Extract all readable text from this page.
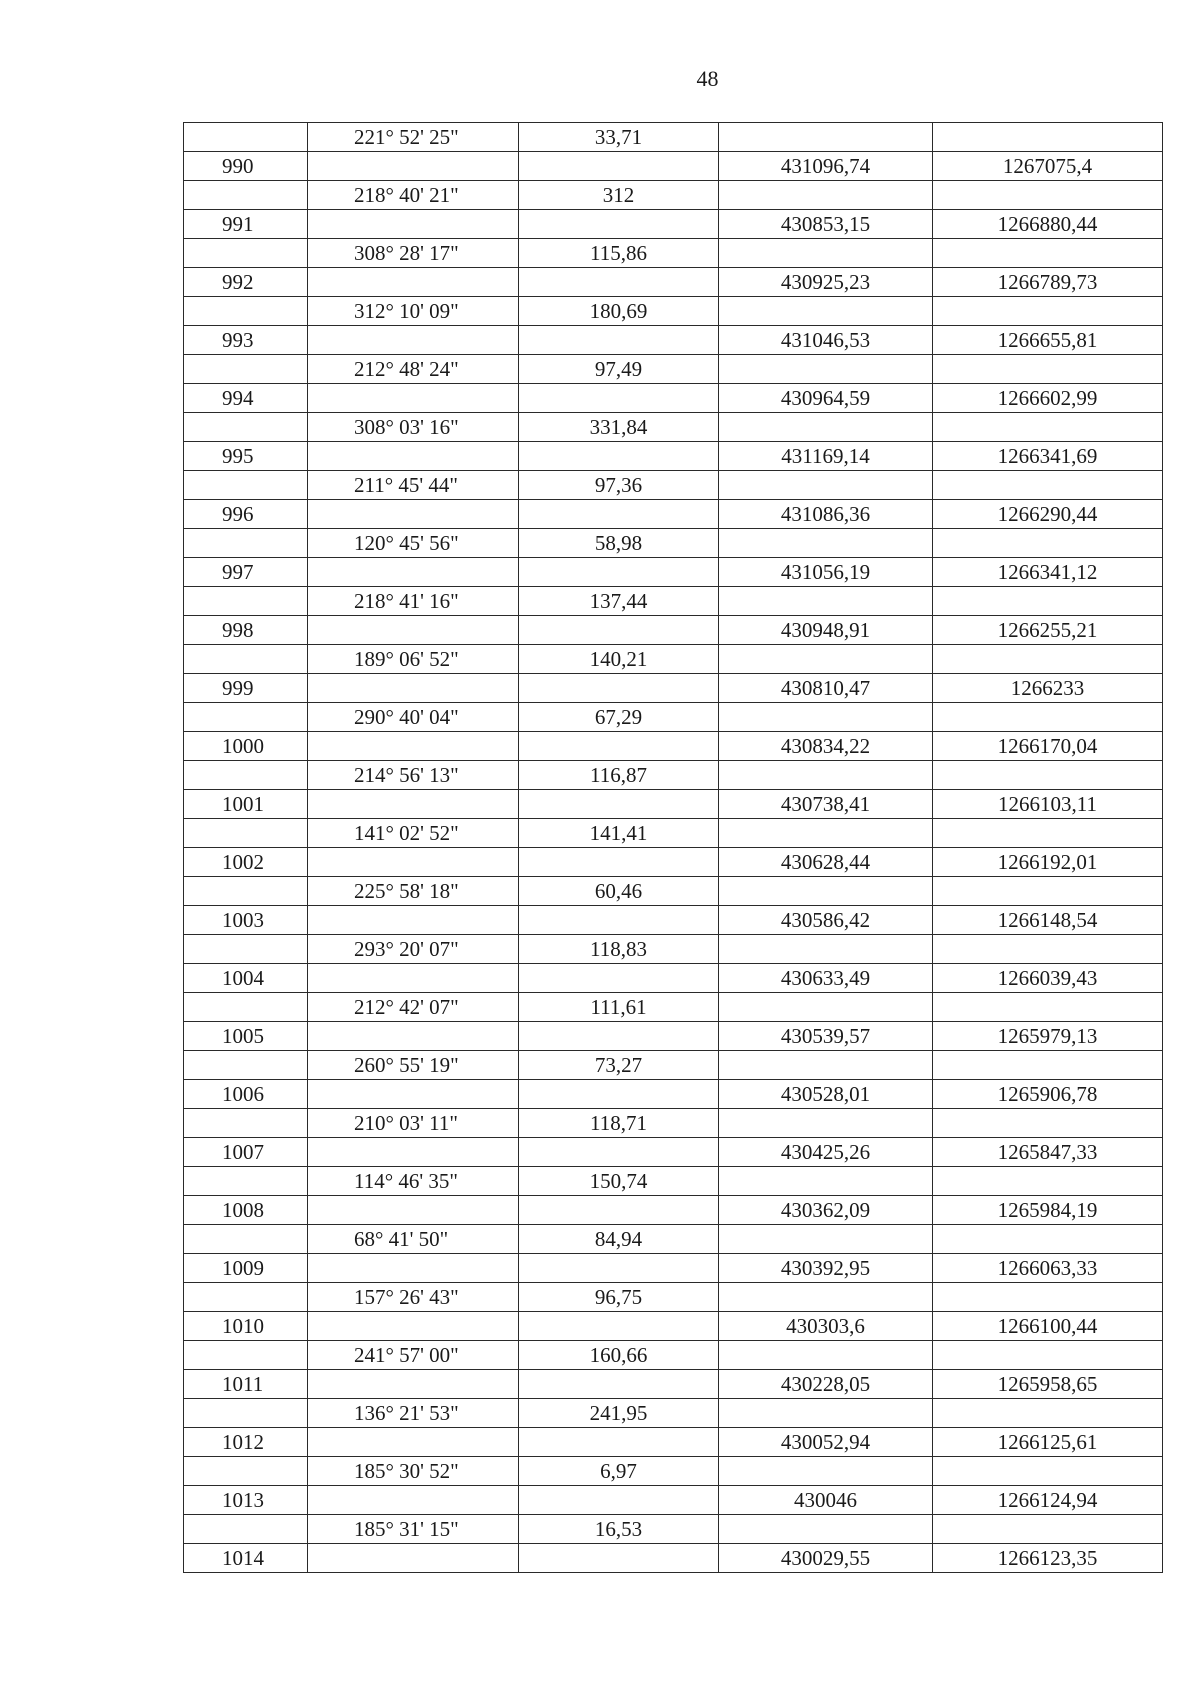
48
	221° 52' 25"	33,71		
990			431096,74	1267075,4
	218° 40' 21"	312		
991			430853,15	1266880,44
	308° 28' 17"	115,86		
992			430925,23	1266789,73
	312° 10' 09"	180,69		
993			431046,53	1266655,81
	212° 48' 24"	97,49		
994			430964,59	1266602,99
	308° 03' 16"	331,84		
995			431169,14	1266341,69
	211° 45' 44"	97,36		
996			431086,36	1266290,44
	120° 45' 56"	58,98		
997			431056,19	1266341,12
	218° 41' 16"	137,44		
998			430948,91	1266255,21
	189° 06' 52"	140,21		
999			430810,47	1266233
	290° 40' 04"	67,29		
1000			430834,22	1266170,04
	214° 56' 13"	116,87		
1001			430738,41	1266103,11
	141° 02' 52"	141,41		
1002			430628,44	1266192,01
	225° 58' 18"	60,46		
1003			430586,42	1266148,54
	293° 20' 07"	118,83		
1004			430633,49	1266039,43
	212° 42' 07"	111,61		
1005			430539,57	1265979,13
	260° 55' 19"	73,27		
1006			430528,01	1265906,78
	210° 03' 11"	118,71		
1007			430425,26	1265847,33
	114° 46' 35"	150,74		
1008			430362,09	1265984,19
	68° 41' 50"	84,94		
1009			430392,95	1266063,33
	157° 26' 43"	96,75		
1010			430303,6	1266100,44
	241° 57' 00"	160,66		
1011			430228,05	1265958,65
	136° 21' 53"	241,95		
1012			430052,94	1266125,61
	185° 30' 52"	6,97		
1013			430046	1266124,94
	185° 31' 15"	16,53		
1014			430029,55	1266123,35
